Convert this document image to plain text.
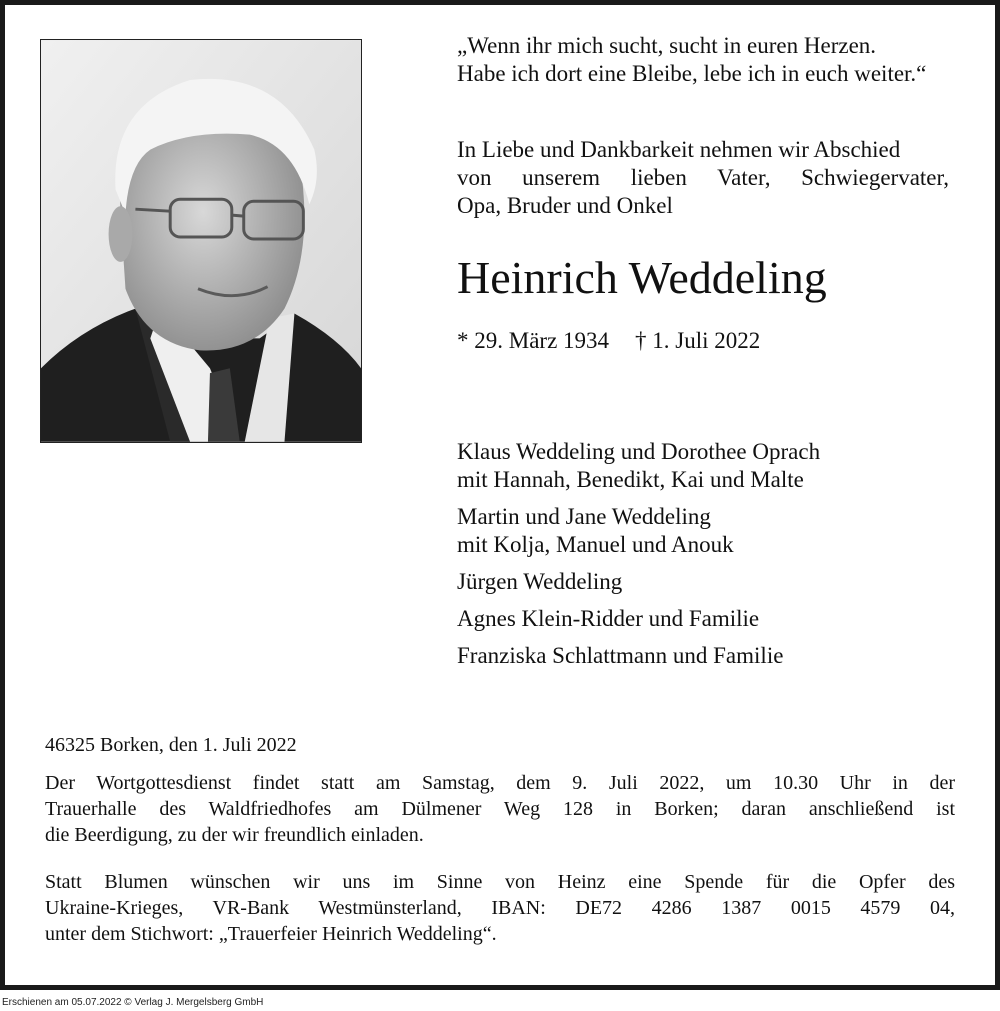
„Wenn ihr mich sucht, sucht in euren Herzen.
Habe ich dort eine Bleibe, lebe ich in euch weiter.“
In Liebe und Dankbarkeit nehmen wir Abschied
von unserem lieben Vater, Schwiegervater,
Opa, Bruder und Onkel
Heinrich Weddeling
* 29. März 1934 † 1. Juli 2022
Klaus Weddeling und Dorothee Oprach
mit Hannah, Benedikt, Kai und Malte
Martin und Jane Weddeling
mit Kolja, Manuel und Anouk
Jürgen Weddeling
Agnes Klein-Ridder und Familie
Franziska Schlattmann und Familie
46325 Borken, den 1. Juli 2022
Der Wortgottesdienst findet statt am Samstag, dem 9. Juli 2022, um 10.30 Uhr in der
Trauerhalle des Waldfriedhofes am Dülmener Weg 128 in Borken; daran anschließend ist
die Beerdigung, zu der wir freundlich einladen.
Statt Blumen wünschen wir uns im Sinne von Heinz eine Spende für die Opfer des
Ukraine-Krieges, VR-Bank Westmünsterland, IBAN: DE72 4286 1387 0015 4579 04,
unter dem Stichwort: „Trauerfeier Heinrich Weddeling“.
Erschienen am 05.07.2022 © Verlag J. Mergelsberg GmbH
